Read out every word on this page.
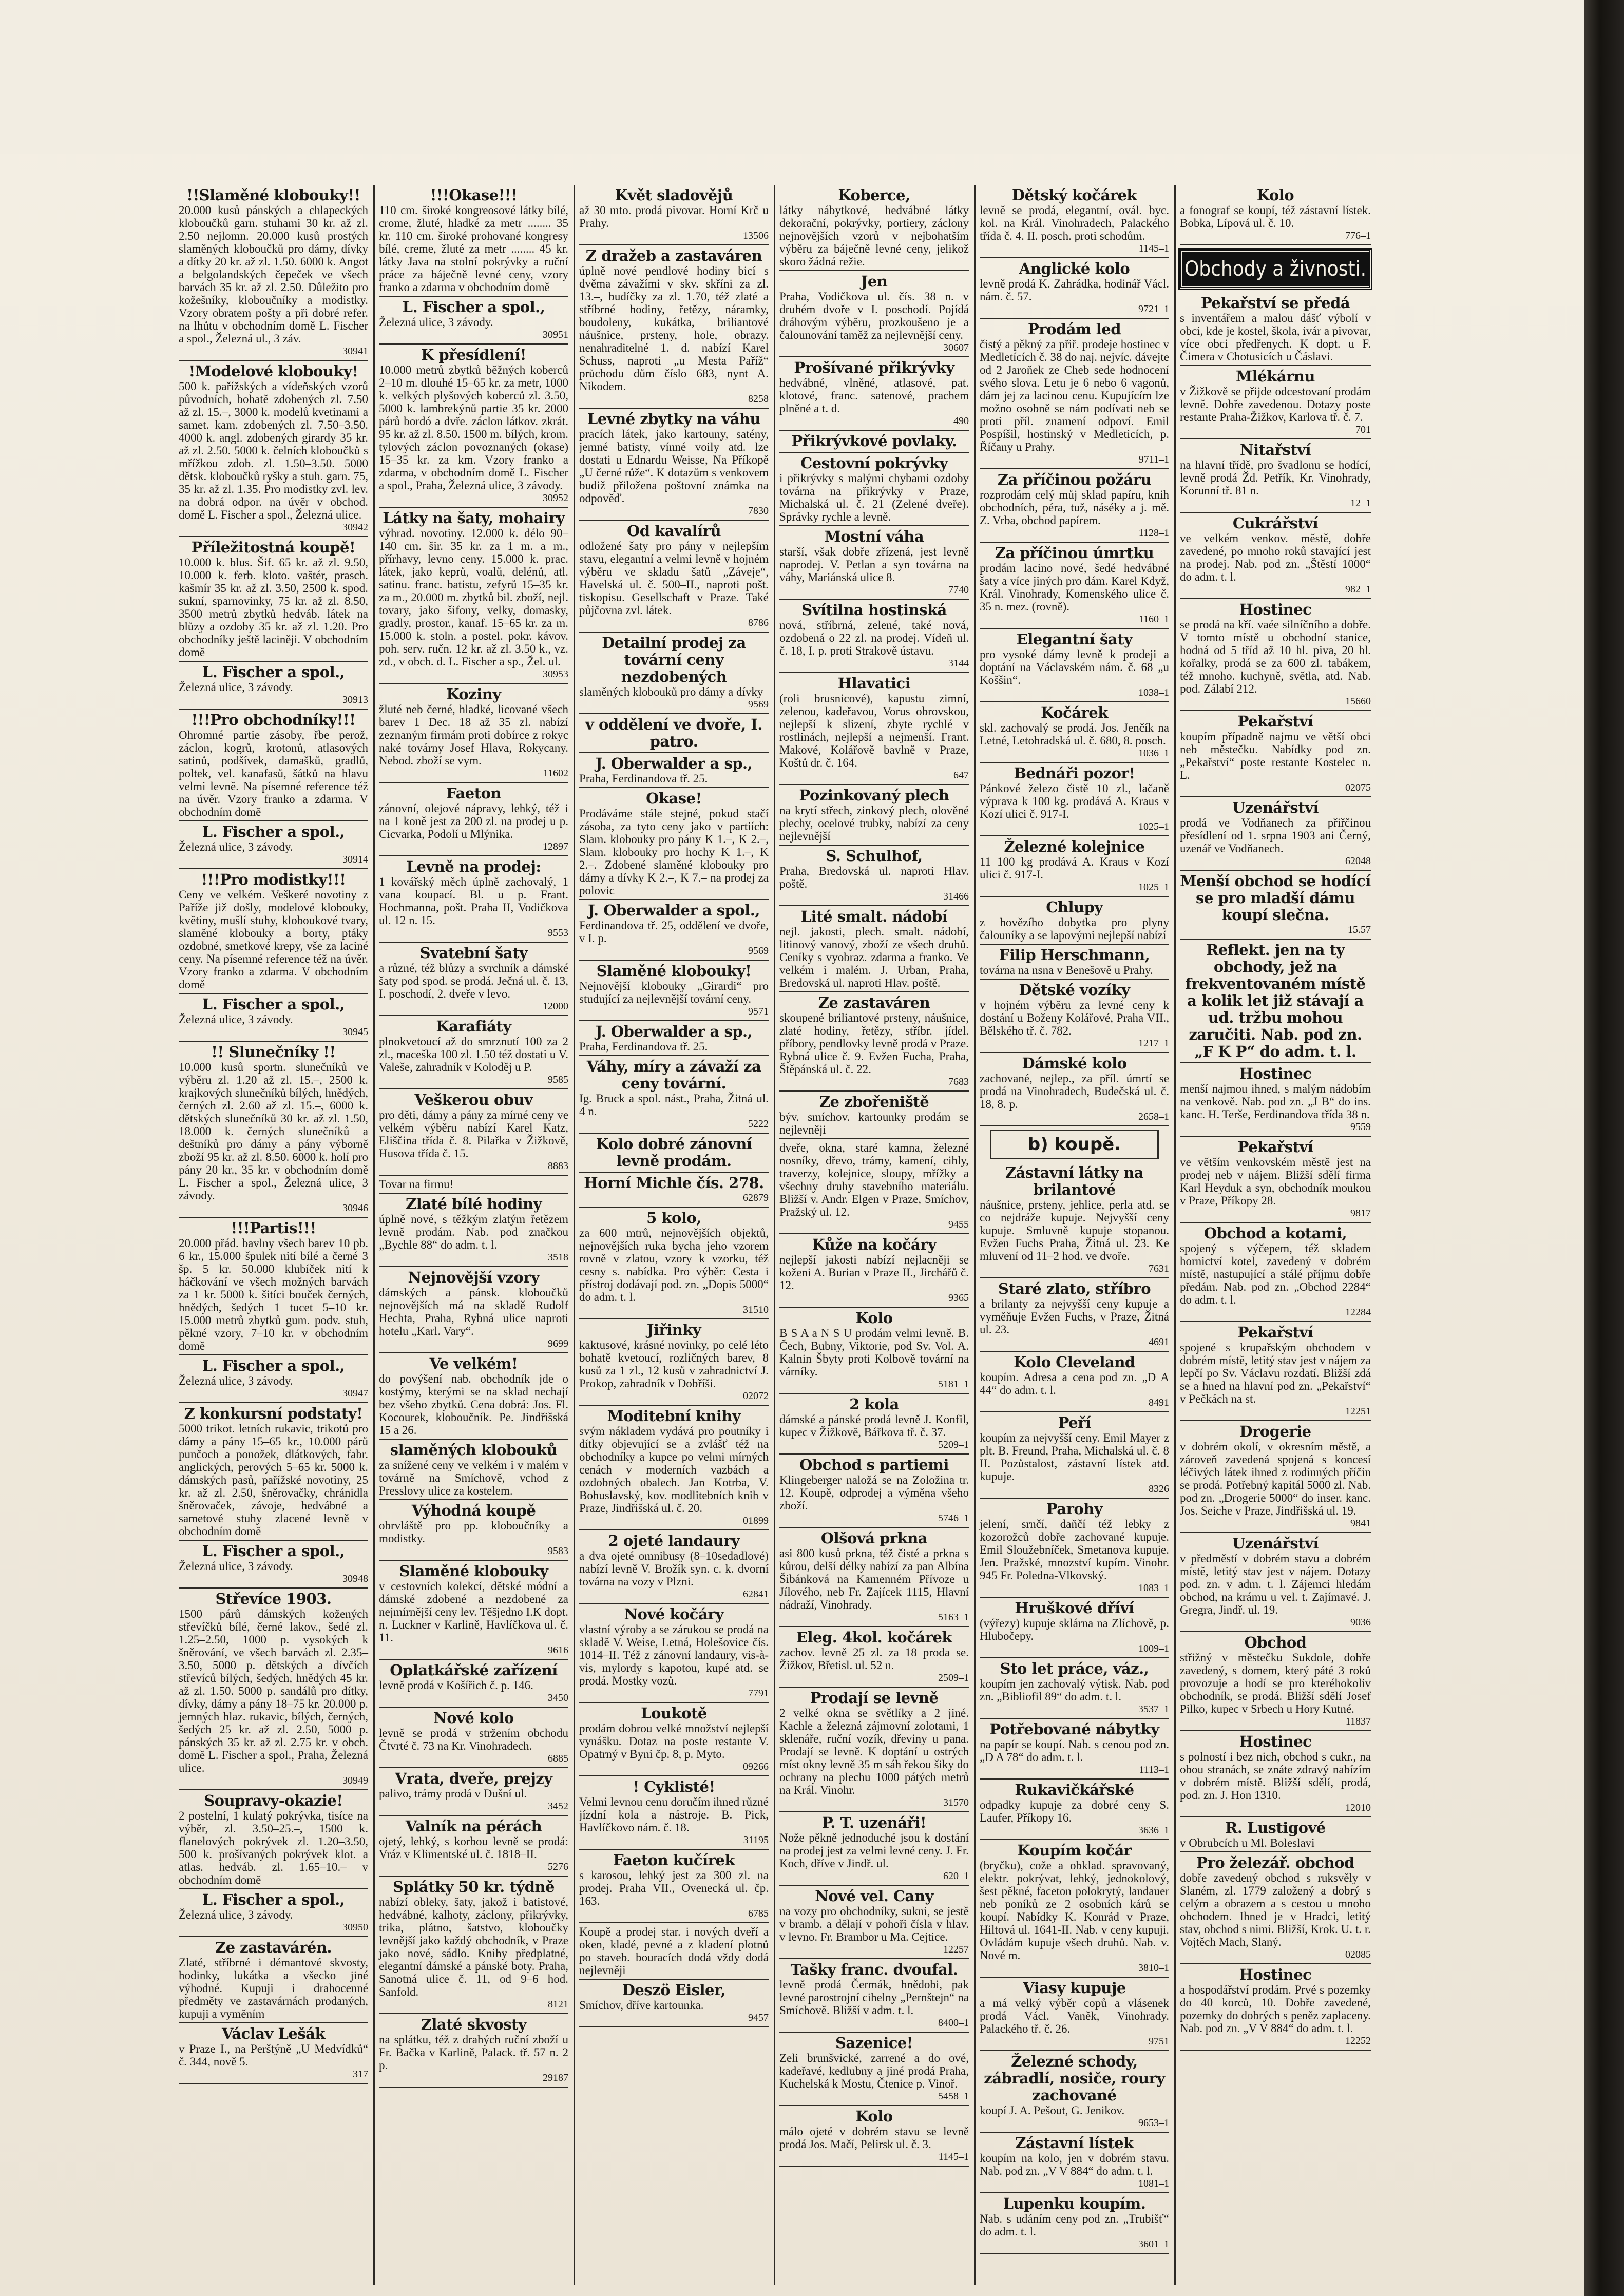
!!Slaměné klobouky!!
20.000 kusů pánských a chlapeckých kloboučků garn. stuhami 30 kr. až zl. 2.50 nejlomn. 20.000 kusů prostých slaměných kloboučků pro dámy, dívky a dítky 20 kr. až zl. 1.50. 6000 k. Angot a belgolandských čepeček ve všech barvách 35 kr. až zl. 2.50. Důležito pro kožešníky, kloboučníky a modistky. Vzory obratem pošty a při dobré refer. na lhůtu v obchodním domě L. Fischer a spol., Železná ul., 3 záv.
30941
!Modelové klobouky!
500 k. pařížských a vídeňských vzorů původních, bohatě zdobených zl. 7.50 až zl. 15.–, 3000 k. modelů kvetinami a samet. kam. zdobených zl. 7.50–3.50. 4000 k. angl. zdobených girardy 35 kr. až zl. 2.50. 5000 k. čelních kloboučků s mřížkou zdob. zl. 1.50–3.50. 5000 dětsk. kloboučků ryšky a stuh. garn. 75, 35 kr. až zl. 1.35. Pro modistky zvl. lev. na dobrá odpor. na úvěr v obchod. domě L. Fischer a spol., Železná ulice.
30942
Příležitostná koupě!
10.000 k. blus. Šif. 65 kr. až zl. 9.50, 10.000 k. ferb. kloto. vaštér, prasch. kašmír 35 kr. až zl. 3.50, 2500 k. spod. sukní, sparnovinky, 75 kr. až zl. 8.50, 3500 metrů zbytků hedváb. látek na blůzy a ozdoby 35 kr. až zl. 1.20. Pro obchodníky ještě laciněji. V obchodním domě
L. Fischer a spol.,
Železná ulice, 3 závody.
30913
!!!Pro obchodníky!!!
Ohromné partie zásoby, řbe perož, záclon, kogrů, krotonů, atlasových satinů, podšívek, damašků, gradlů, poltek, vel. kanafasů, šátků na hlavu velmi levně. Na písemné reference též na úvěr. Vzory franko a zdarma. V obchodním domě
L. Fischer a spol.,
Železná ulice, 3 závody.
30914
!!!Pro modistky!!!
Ceny ve velkém. Veškeré novotiny z Paříže již došly, modelové klobouky, květiny, mušlí stuhy, kloboukové tvary, slaměné klobouky a borty, ptáky ozdobné, smetkové krepy, vše za laciné ceny. Na písemné reference též na úvěr. Vzory franko a zdarma. V obchodním domě
L. Fischer a spol.,
Železná ulice, 3 závody.
30945
!! Slunečníky !!
10.000 kusů sportn. slunečníků ve výběru zl. 1.20 až zl. 15.–, 2500 k. krajkových slunečníků bílých, hnědých, černých zl. 2.60 až zl. 15.–, 6000 k. dětských slunečníků 30 kr. až zl. 1.50, 18.000 k. černých slunečníků a deštníků pro dámy a pány výborně zboží 95 kr. až zl. 8.50. 6000 k. holí pro pány 20 kr., 35 kr. v obchodním domě L. Fischer a spol., Železná ulice, 3 závody.
30946
!!!Partis!!!
20.000 přád. bavlny všech barev 10 pb. 6 kr., 15.000 špulek nití bílé a černé 3 šp. 5 kr. 50.000 klubíček nití k háčkování ve všech možných barvách za 1 kr. 5000 k. šitíci bouček černých, hnědých, šedých 1 tucet 5–10 kr. 15.000 metrů zbytků gum. podv. stuh, pěkné vzory, 7–10 kr. v obchodním domě
L. Fischer a spol.,
Železná ulice, 3 závody.
30947
Z konkursní podstaty!
5000 trikot. letních rukavic, trikotů pro dámy a pány 15–65 kr., 10.000 párů punčoch a ponožek, dlátkových, fabr. anglických, perových 5–65 kr. 5000 k. dámských pasů, pařížské novotiny, 25 kr. až zl. 2.50, šněrovačky, chránidla šněrovaček, závoje, hedvábné a sametové stuhy zlacené levně v obchodním domě
L. Fischer a spol.,
Železná ulice, 3 závody.
30948
Střevíce 1903.
1500 párů dámských kožených střevíčků bílé, černé lakov., šedé zl. 1.25–2.50, 1000 p. vysokých k šněrování, ve všech barvách zl. 2.35–3.50, 5000 p. dětských a dívčích střevíců bílých, šedých, hnědých 45 kr. až zl. 1.50. 5000 p. sandálů pro dítky, dívky, dámy a pány 18–75 kr. 20.000 p. jemných hlaz. rukavic, bílých, černých, šedých 25 kr. až zl. 2.50, 5000 p. pánských 35 kr. až zl. 2.75 kr. v obch. domě L. Fischer a spol., Praha, Železná ulice.
30949
Soupravy-okazie!
2 postelní, 1 kulatý pokrývka, tisíce na výběr, zl. 3.50–25.–, 1500 k. flanelových pokrývek zl. 1.20–3.50, 500 k. prošívaných pokrývek klot. a atlas. hedváb. zl. 1.65–10.– v obchodním domě
L. Fischer a spol.,
Železná ulice, 3 závody.
30950
Ze zastavárén.
Zlaté, stříbrné i démantové skvosty, hodinky, lukátka a všecko jiné výhodné. Kupuji i drahocenné předměty ve zastavárnách prodaných, kupuji a vyměním
Václav Lešák
v Praze I., na Perštýně „U Medvídků“ č. 344, nově 5.
317
!!!Okase!!!
110 cm. široké kongreosové látky bílé, crome, žluté, hladké za metr ........ 35 kr. 110 cm. široké prohované kongresy bílé, creme, žluté za metr ........ 45 kr. látky Java na stolní pokrývky a ruční práce za báječně levné ceny, vzory franko a zdarma v obchodním domě
L. Fischer a spol.,
Železná ulice, 3 závody.
30951
K přesídlení!
10.000 metrů zbytků běžných koberců 2–10 m. dlouhé 15–65 kr. za metr, 1000 k. velkých plyšových koberců zl. 3.50, 5000 k. lambrekýnů partie 35 kr. 2000 párů bordó a dvře. záclon látkov. zkrát. 95 kr. až zl. 8.50. 1500 m. bílých, krom. tylových záclon povoznaných (okase) 15–35 kr. za km. Vzory franko a zdarma, v obchodním domě L. Fischer a spol., Praha, Železná ulice, 3 závody.
30952
Látky na šaty, mohairy
výhrad. novotiny. 12.000 k. délo 90–140 cm. šir. 35 kr. za 1 m. a m., přírhavy, levno ceny. 15.000 k. prac. látek, jako keprů, voalů, delénů, atl. satinu. franc. batistu, zefyrů 15–35 kr. za m., 20.000 m. zbytků bil. zboží, nejl. tovary, jako šifony, velky, domasky, gradly, prostor., kanaf. 15–65 kr. za m. 15.000 k. stoln. a postel. pokr. kávov. poh. serv. ručn. 12 kr. až zl. 3.50 k., vz. zd., v obch. d. L. Fischer a sp., Žel. ul.
30953
Koziny
žluté neb černé, hladké, licované všech barev 1 Dec. 18 až 35 zl. nabízí zeznaným firmám proti dobírce z rokyc naké továrny Josef Hlava, Rokycany. Nebod. zboží se vym.
11602
Faeton
zánovní, olejové nápravy, lehký, též i na 1 koně jest za 200 zl. na prodej u p. Cicvarka, Podolí u Mlýnika.
12897
Levně na prodej:
1 kovářský měch úplně zachovalý, 1 vana koupací. Bl. u p. Frant. Hochmanna, pošt. Praha II, Vodičkova ul. 12 n. 15.
9553
Svatební šaty
a různé, též blůzy a svrchník a dámské šaty pod spod. se prodá. Ječná ul. č. 13, I. poschodí, 2. dveře v levo.
12000
Karafiáty
plnokvetoucí až do smrznutí 100 za 2 zl., maceška 100 zl. 1.50 též dostati u V. Valeše, zahradník v Koloděj u P.
9585
Veškerou obuv
pro děti, dámy a pány za mírné ceny ve velkém výběru nabízí Karel Katz, Eliščina třída č. 8. Pilařka v Žižkově, Husova třída č. 15.
8883
Tovar na firmu!
Zlaté bílé hodiny
úplně nové, s těžkým zlatým řetězem levně prodám. Nab. pod značkou „Bychle 88“ do adm. t. l.
3518
Nejnovější vzory
dámských a pánsk. kloboučků nejnovějších má na skladě Rudolf Hechta, Praha, Rybná ulice naproti hotelu „Karl. Vary“.
9699
Ve velkém!
do povýšení nab. obchodník jde o kostýmy, kterými se na sklad nechají bez všeho zbytků. Cena dobrá: Jos. Fl. Kocourek, kloboučník. Pe. Jindřišská 15 a 26.
slaměných klobouků
za snížené ceny ve velkém i v malém v továrně na Smíchově, vchod z Presslovy ulice za kostelem.
Výhodná koupě
obrvláště pro pp. kloboučníky a modistky.
9583
Slaměné klobouky
v cestovních kolekcí, dětské módní a dámské zdobené a nezdobené za nejmírnější ceny lev. Těšjedno I.K dopt. n. Luckner v Karlině, Havlíčkova ul. č. 11.
9616
Oplatkářské zařízení
levně prodá v Košířich č. p. 146.
3450
Nové kolo
levně se prodá v stržením obchodu Čtvrté č. 73 na Kr. Vinohradech.
6885
Vrata, dveře, prejzy
palivo, trámy prodá v Dušní ul.
3452
Valník na pérách
ojetý, lehký, s korbou levně se prodá: Vráz v Klimentské ul. č. 1818–II.
5276
Splátky 50 kr. týdně
nabízí obleky, šaty, jakož i batistové, hedvábné, kalhoty, záclony, přikrývky, trika, plátno, šatstvo, kloboučky levnější jako každý obchodník, v Praze jako nové, sádlo. Knihy předplatné, elegantní dámské a pánské boty. Praha, Sanotná ulice č. 11, od 9–6 hod. Sanfold.
8121
Zlaté skvosty
na splátku, též z drahých ruční zboží u Fr. Bačka v Karlině, Palack. tř. 57 n. 2 p.
29187
Květ sladovějů
až 30 mto. prodá pivovar. Horní Krč u Prahy.
13506
Z dražeb a zastaváren
úplně nové pendlové hodiny bicí s dvěma závažími v skv. skříni za zl. 13.–, budíčky za zl. 1.70, též zlaté a stříbrné hodiny, řetězy, náramky, boudoleny, kukátka, briliantové náušnice, prsteny, hole, obrazy. nenahraditelné 1. d. nabízí Karel Schuss, naproti „u Mesta Paříž“ průchodu dům číslo 683, nynt A. Nikodem.
8258
Levné zbytky na váhu
pracích látek, jako kartouny, satény, jemné batisty, vínné voily atd. lze dostati u Ednardu Weisse, Na Příkopě „U černé růže“. K dotazům s venkovem budiž přiložena poštovní známka na odpověď.
7830
Od kavalírů
odložené šaty pro pány v nejlepším stavu, elegantní a velmi levně v hojném výběru ve skladu šatů „Záveje“, Havelská ul. č. 500–II., naproti pošt. tiskopisu. Gesellschaft v Praze. Také půjčovna zvl. látek.
8786
Detailní prodej za tovární ceny nezdobených
slaměných klobouků pro dámy a dívky
9569
v oddělení ve dvoře, I. patro.
J. Oberwalder a sp.,
Praha, Ferdinandova tř. 25.
Okase!
Prodáváme stále stejné, pokud stačí zásoba, za tyto ceny jako v partiích: Slam. klobouky pro pány K 1.–, K 2.–, Slam. klobouky pro hochy K 1.–, K 2.–. Zdobené slaměné klobouky pro dámy a dívky K 2.–, K 7.– na prodej za polovic
J. Oberwalder a spol.,
Ferdinandova tř. 25, oddělení ve dvoře, v I. p.
9569
Slaměné klobouky!
Nejnovější klobouky „Girardi“ pro studující za nejlevnější tovární ceny.
9571
J. Oberwalder a sp.,
Praha, Ferdinandova tř. 25.
Váhy, míry a závaží za ceny tovární.
Ig. Bruck a spol. nást., Praha, Žitná ul. 4 n.
5222
Kolo dobré zánovní levně prodám.
Horní Michle čís. 278.
62879
5 kolo,
za 600 mtrů, nejnovějších objektů, nejnovějších ruka bycha jeho vzorem rovně v zlatou, vzory k vzorku, též cesny s. nabídka. Pro výběr: Cesta i přístroj dodávají pod. zn. „Dopis 5000“ do adm. t. l.
31510
Jiřinky
kaktusové, krásné novinky, po celé léto bohatě kvetoucí, rozličných barev, 8 kusů za 1 zl., 12 kusů v zahradnictví J. Prokop, zahradník v Dobříši.
02072
Moditební knihy
svým nákladem vydává pro poutníky i dítky objevující se a zvlášť též na obchodníky a kupce po velmi mírných cenách v moderních vazbách a ozdobných obalech. Jan Kotrba, V. Bohuslavský, kov. modlitebních knih v Praze, Jindřišská ul. č. 20.
01899
2 ojeté landaury
a dva ojeté omnibusy (8–10sedadlové) nabízí levně V. Brožík syn. c. k. dvorní továrna na vozy v Plzni.
62841
Nové kočáry
vlastní výroby a se zárukou se prodá na skladě V. Weise, Letná, Holešovice čís. 1014–II. Též z zánovní landaury, vis-à-vis, mylordy s kapotou, kupé atd. se prodá. Mostky vozů.
7791
Loukotě
prodám dobrou velké množství nejlepší vynášku. Dotaz na poste restante V. Opatrný v Byni čp. 8, p. Myto.
09266
! Cyklisté!
Velmi levnou cenu doručím ihned různé jízdní kola a nástroje. B. Pick, Havlíčkovo nám. č. 18.
31195
Faeton kučírek
s karosou, lehký jest za 300 zl. na prodej. Praha VII., Ovenecká ul. čp. 163.
6785
Koupě a prodej star. i nových dveří a oken, kladé, pevné a z kladení plotnů po staveb. bouracích dodá vždy dodá nejlevněji
Deszö Eisler,
Smíchov, dříve kartounka.
9457
Koberce,
látky nábytkové, hedvábné látky dekorační, pokrývky, portiery, záclony nejnovějších vzorů v nejbohatším výběru za báječně levné ceny, jelikož skoro žádná režie.
Jen
Praha, Vodičkova ul. čís. 38 n. v druhém dvoře v I. poschodí. Pojídá dráhovým výběru, prozkoušeno je a čalounování taměž za nejlevnější ceny.
30607
Prošívané přikrývky
hedvábné, vlněné, atlasové, pat. klotové, franc. satenové, prachem plněné a t. d.
490
Přikrývkové povlaky.
Cestovní pokrývky
i přikrývky s malými chybami ozdoby továrna na přikrývky v Praze, Michalská ul. č. 21 (Zelené dveře). Správky rychle a levně.
Mostní váha
starší, však dobře zřízená, jest levně naprodej. V. Petlan a syn továrna na váhy, Mariánská ulice 8.
7740
Svítilna hostinská
nová, stříbrná, zelené, také nová, ozdobená o 22 zl. na prodej. Vídeň ul. č. 18, I. p. proti Strakově ústavu.
3144
Hlavatici
(roli brusnicové), kapustu zimní, zelenou, kadeřavou, Vorus obrovskou, nejlepší k slizení, zbyte rychlé v rostlinách, nejlepší a nejmenší. Frant. Makové, Kolářově bavlně v Praze, Koštů dr. č. 164.
647
Pozinkovaný plech
na krytí střech, zinkový plech, olověné plechy, ocelové trubky, nabízí za ceny nejlevnější
S. Schulhof,
Praha, Bredovská ul. naproti Hlav. poště.
31466
Lité smalt. nádobí
nejl. jakosti, plech. smalt. nádobí, litinový vanový, zboží ze všech druhů. Ceníky s vyobraz. zdarma a franko. Ve velkém i malém. J. Urban, Praha, Bredovská ul. naproti Hlav. poště.
Ze zastaváren
skoupené briliantové prsteny, náušnice, zlaté hodiny, řetězy, stříbr. jídel. příbory, pendlovky levně prodá v Praze. Rybná ulice č. 9. Evžen Fucha, Praha, Štěpánská ul. č. 22.
7683
Ze zbořeniště
býv. smíchov. kartounky prodám se nejlevněji
dveře, okna, staré kamna, železné nosníky, dřevo, trámy, kamení, cihly, traverzy, kolejnice, sloupy, mřížky a všechny druhy stavebního materiálu. Bližší v. Andr. Elgen v Praze, Smíchov, Pražský ul. 12.
9455
Kůže na kočáry
nejlepší jakosti nabízí nejlacněji se koženi A. Burian v Praze II., Jirchářů č. 12.
9365
Kolo
B S A a N S U prodám velmi levně. B. Čech, Bubny, Viktorie, pod Sv. Vol. A. Kalnin Šbyty proti Kolbově tovární na várníky.
5181–1
2 kola
dámské a pánské prodá levně J. Konfil, kupec v Žižkově, Bářkova tř. č. 37.
5209–1
Obchod s partiemi
Klingeberger naložá se na Zoložina tr. 12. Koupě, odprodej a výměna všeho zboží.
5746–1
Olšová prkna
asi 800 kusů prkna, též čisté a prkna s kůrou, delší délky nabízí za pan Albína Šibánková na Kamenném Přívoze u Jílového, neb Fr. Zajícek 1115, Hlavní nádraží, Vinohrady.
5163–1
Eleg. 4kol. kočárek
zachov. levně 25 zl. za 18 proda se. Žižkov, Břetisl. ul. 52 n.
2509–1
Prodají se levně
2 velké okna se světlíky a 2 jiné. Kachle a železná zájmovní zolotami, 1 sklenáře, ruční vozík, dřeviny u pana. Prodají se levně. K doptání u ostrých míst okny levně 35 m sáh řekou šiky do ochrany na plechu 1000 pátých metrů na Král. Vinohr.
31570
P. T. uzenáři!
Nože pěkně jednoduché jsou k dostání na prodej jest za velmi levné ceny. J. Fr. Koch, dříve v Jindř. ul.
620–1
Nové vel. Cany
na vozy pro obchodníky, sukni, se jestě v bramb. a dělají v pohoři čísla v hlav. v levno. Fr. Brambor u Ma. Cejtice.
12257
Tašky franc. dvoufal.
levně prodá Čermák, hnědobi, pak levné parostrojní cihelny „Pernštejn“ na Smíchově. Bližší v adm. t. l.
8400–1
Sazenice!
Zeli brunšvické, zarrené a do ové, kadeřavé, kedlubny a jiné prodá Praha, Kuchelská k Mostu, Čtenice p. Vinoř.
5458–1
Kolo
málo ojeté v dobrém stavu se levně prodá Jos. Mačí, Pelirsk ul. č. 3.
1145–1
Dětský kočárek
levně se prodá, elegantní, ovál. byc. kol. na Král. Vinohradech, Palackého třída č. 4. II. posch. proti schodům.
1145–1
Anglické kolo
levně prodá K. Zahrádka, hodinář Václ. nám. č. 57.
9721–1
Prodám led
čistý a pěkný za přiř. prodeje hostinec v Medletících č. 38 do naj. nejvíc. dávejte od 2 Jaroňek ze Cheb sede hodnocení svého slova. Letu je 6 nebo 6 vagonů, dám jej za lacinou cenu. Kupujícím lze možno osobně se nám podívati neb se proti příl. znamení odpoví. Emil Pospíšil, hostinský v Medleticích, p. Říčany u Prahy.
9711–1
Za příčinou požáru
rozprodám celý můj sklad papíru, knih obchodních, péra, tuž, náséky a j. mě. Z. Vrba, obchod papírem.
1128–1
Za příčinou úmrtku
prodám lacino nové, šedé hedvábné šaty a více jiných pro dám. Karel Když, Král. Vinohrady, Komenského ulice č. 35 n. mez. (rovně).
1160–1
Elegantní šaty
pro vysoké dámy levně k prodeji a doptání na Václavském nám. č. 68 „u Koššin“.
1038–1
Kočárek
skl. zachovalý se prodá. Jos. Jenčík na Letné, Letohradská ul. č. 680, 8. posch.
1036–1
Bednáři pozor!
Pánkové železo čistě 10 zl., lačaně výprava k 100 kg. prodává A. Kraus v Kozí ulici č. 917-I.
1025–1
Železné kolejnice
11 100 kg prodává A. Kraus v Kozí ulici č. 917-I.
1025–1
Chlupy
z hovězího dobytka pro plyny čalouníky a se lapovými nejlepší nabízí
Filip Herschmann,
továrna na nsna v Benešově u Prahy.
Dětské vozíky
v hojném výběru za levné ceny k dostání u Boženy Kolářové, Praha VII., Bělského tř. č. 782.
1217–1
Dámské kolo
zachované, nejlep., za příl. úmrtí se prodá na Vinohradech, Budečská ul. č. 18, 8. p.
2658–1
b) koupě.
Zástavní látky na brilantové
náušnice, prsteny, jehlice, perla atd. se co nejdráže kupuje. Nejvyšší ceny kupuje. Smluvně kupuje stopanou. Evžen Fuchs Praha, Žitná ul. 23. Ke mluvení od 11–2 hod. ve dvoře.
7631
Staré zlato, stříbro
a brilanty za nejvyšší ceny kupuje a vyměňuje Evžen Fuchs, v Praze, Žitná ul. 23.
4691
Kolo Cleveland
koupím. Adresa a cena pod zn. „D A 44“ do adm. t. l.
8491
Peří
koupím za nejvyšší ceny. Emil Mayer z plt. B. Freund, Praha, Michalská ul. č. 8 II. Pozůstalost, zástavní lístek atd. kupuje.
8326
Parohy
jelení, srnčí, daňčí též lebky z kozorožců dobře zachované kupuje. Emil Sloužebníček, Smetanova kupuje. Jen. Pražské, mnozství kupím. Vinohr. 945 Fr. Poledna-Vlkovský.
1083–1
Hruškové dříví
(výřezy) kupuje sklárna na Zlíchově, p. Hlubočepy.
1009–1
Sto let práce, váz.,
koupím jen zachovalý výtisk. Nab. pod zn. „Bibliofil 89“ do adm. t. l.
3537–1
Potřebované nábytky
na papír se koupí. Nab. s cenou pod zn. „D A 78“ do adm. t. l.
1113–1
Rukavičkářské
odpadky kupuje za dobré ceny S. Laufer, Příkopy 16.
3636–1
Koupím kočár
(bryčku), cože a obklad. spravovaný, elektr. pokrývat, lehký, jednokolový, šest pěkné, faceton polokrytý, landauer neb poníků ze 2 osobních kárů se koupí. Nabídky K. Konrád v Praze, Hiltová ul. 1641-II. Nab. v ceny kupuji. Ovládám kupuje všech druhů. Nab. v. Nové m.
3810–1
Viasy kupuje
a má velký výběr copů a vlásenek prodá Václ. Vaněk, Vinohrady. Palackého tř. č. 26.
9751
Železné schody, zábradlí, nosiče, roury zachované
koupí J. A. Pešout, G. Jenikov.
9653–1
Zástavní lístek
koupím na kolo, jen v dobrém stavu. Nab. pod zn. „V V 884“ do adm. t. l.
1081–1
Lupenku koupím.
Nab. s udáním ceny pod zn. „Trubišť“ do adm. t. l.
3601–1
Kolo
a fonograf se koupí, též zástavní lístek. Bobka, Lípová ul. č. 10.
776–1
Obchody a živnosti.
Pekařství se předá
s inventářem a malou dášť výbolí v obci, kde je kostel, škola, ivár a pivovar, více obci předřenych. K dopt. u F. Čimera v Chotusicích u Čáslavi.
Mlékárnu
v Žižkově se přijde odcestovaní prodám levně. Dobře zavedenou. Dotazy poste restante Praha-Žižkov, Karlova tř. č. 7.
701
Nitařství
na hlavní třídě, pro švadlonu se hodící, levně prodá Žd. Petřík, Kr. Vinohrady, Korunní tř. 81 n.
12–1
Cukrářství
ve velkém venkov. městě, dobře zavedené, po mnoho roků stavající jest na prodej. Nab. pod zn. „Štěstí 1000“ do adm. t. l.
982–1
Hostinec
se prodá na kří. vaée silníčního a dobře. V tomto místě u obchodní stanice, hodná od 5 tříd až 10 hl. piva, 20 hl. kořalky, prodá se za 600 zl. tabákem, též mnoho. kuchyně, světla, atd. Nab. pod. Zálabí 212.
15660
Pekařství
koupím případně najmu ve větší obci neb městečku. Nabídky pod zn. „Pekařství“ poste restante Kostelec n. L.
02075
Uzenářství
prodá ve Vodňanech za přiřčinou přesídlení od 1. srpna 1903 ani Černý, uzenář ve Vodňanech.
62048
Menší obchod se hodící se pro mladší dámu koupí slečna.
15.57
Reflekt. jen na ty obchody, jež na frekventovaném místě a kolik let již stávají a ud. tržbu mohou zaručiti. Nab. pod zn. „F K P“ do adm. t. l.
Hostinec
menší najmou ihned, s malým nádobím na venkově. Nab. pod zn. „J B“ do ins. kanc. H. Terše, Ferdinandova třída 38 n.
9559
Pekařství
ve větším venkovském městě jest na prodej neb v nájem. Bližší sdělí firma Karl Heyduk a syn, obchodník moukou v Praze, Příkopy 28.
9817
Obchod a kotami,
spojený s výčepem, též skladem hornictví kotel, zavedený v dobrém místě, nastupující a stálé příjmu dobře předám. Nab. pod zn. „Obchod 2284“ do adm. t. l.
12284
Pekařství
spojené s krupařským obchodem v dobrém místě, letitý stav jest v nájem za lepčí po Sv. Václavu rozdatí. Bližší zdá se a hned na hlavní pod zn. „Pekařství“ v Pečkách na st.
12251
Drogerie
v dobrém okolí, v okresním městě, a zároveň zavedená spojená s koncesí léčivých látek ihned z rodinných příčin se prodá. Potřebný kapitál 5000 zl. Nab. pod zn. „Drogerie 5000“ do inser. kanc. Jos. Seiche v Praze, Jindřišská ul. 19.
9841
Uzenářství
v předměstí v dobrém stavu a dobrém místě, letitý stav jest v nájem. Dotazy pod. zn. v adm. t. l. Zájemci hledám obchod, na krámu u vel. t. Zajímavé. J. Gregra, Jindř. ul. 19.
9036
Obchod
střižný v městečku Sukdole, dobře zavedený, s domem, který páté 3 roků provozuje a hodí se pro kteréhokoliv obchodník, se prodá. Bližší sdělí Josef Pilko, kupec v Srbech u Hory Kutné.
11837
Hostinec
s polností i bez nich, obchod s cukr., na obou stranách, se znáte zdravý nabízím v dobrém místě. Bližší sdělí, prodá, pod. zn. J. Hon 1310.
12010
R. Lustigové
v Obrubcích u Ml. Boleslavi
Pro železář. obchod
dobře zavedený obchod s ruksvěly v Slaném, zl. 1779 založený a dobrý s celým a obrazem a s cestou u mnoho obchodem. Ihned je v Hradci, letitý stav, obchod s nimi. Bližší, Krok. U. t. r. Vojtěch Mach, Slaný.
02085
Hostinec
a hospodářství prodám. Prvé s pozemky do 40 korců, 10. Dobře zavedené, pozemky do dobrých s peněz zaplaceny. Nab. pod zn. „V V 884“ do adm. t. l.
12252
